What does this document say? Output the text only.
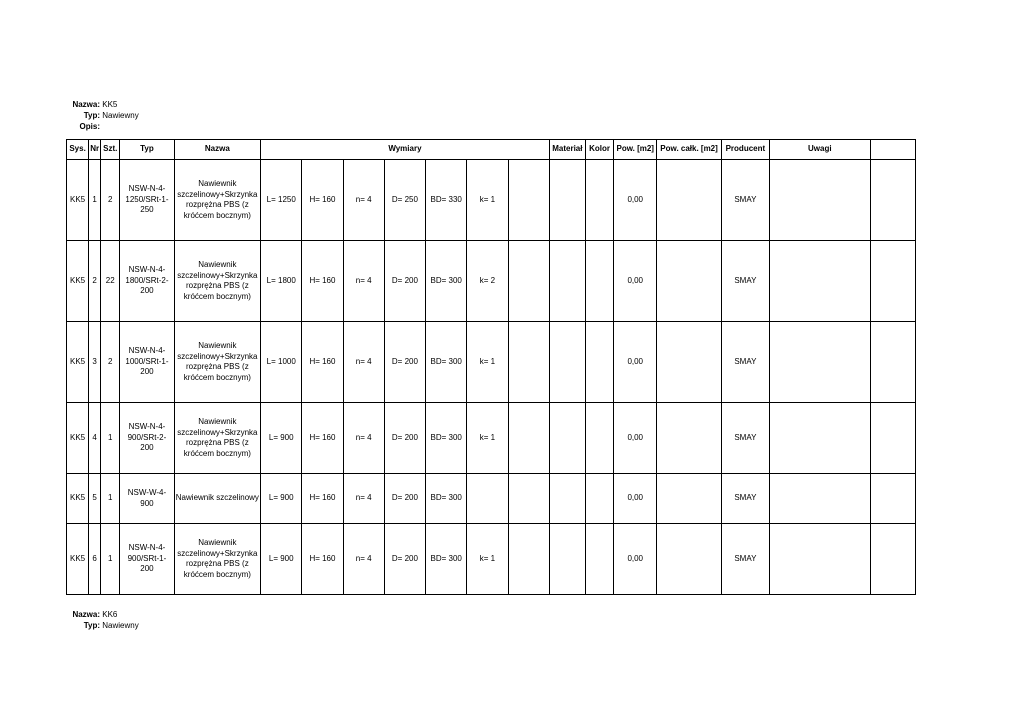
Nazwa: KK5
Typ: Nawiewny
Opis:
Sys.	Nr	Szt.	Typ	Nazwa	Wymiary							Materiał	Kolor	Pow. [m2]	Pow. całk. [m2]	Producent	Uwagi	
KK5	1	2	NSW-N-4-1250/SRt-1-250	Nawiewnik szczelinowy+Skrzynka rozprężna PBS (z króćcem bocznym)	L= 1250	H= 160	n= 4	D= 250	BD= 330	k= 1				0,00		SMAY		
KK5	2	22	NSW-N-4-1800/SRt-2-200	Nawiewnik szczelinowy+Skrzynka rozprężna PBS (z króćcem bocznym)	L= 1800	H= 160	n= 4	D= 200	BD= 300	k= 2				0,00		SMAY		
KK5	3	2	NSW-N-4-1000/SRt-1-200	Nawiewnik szczelinowy+Skrzynka rozprężna PBS (z króćcem bocznym)	L= 1000	H= 160	n= 4	D= 200	BD= 300	k= 1				0,00		SMAY		
KK5	4	1	NSW-N-4-900/SRt-2-200	Nawiewnik szczelinowy+Skrzynka rozprężna PBS (z króćcem bocznym)	L= 900	H= 160	n= 4	D= 200	BD= 300	k= 1				0,00		SMAY		
KK5	5	1	NSW-W-4-900	Nawiewnik szczelinowy	L= 900	H= 160	n= 4	D= 200	BD= 300					0,00		SMAY		
KK5	6	1	NSW-N-4-900/SRt-1-200	Nawiewnik szczelinowy+Skrzynka rozprężna PBS (z króćcem bocznym)	L= 900	H= 160	n= 4	D= 200	BD= 300	k= 1				0,00		SMAY		
Nazwa: KK6
Typ: Nawiewny
